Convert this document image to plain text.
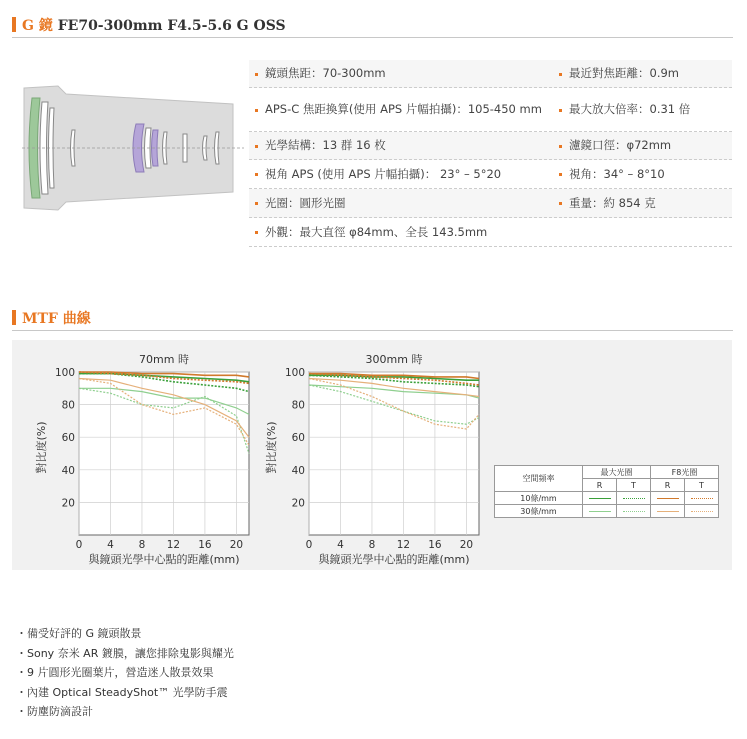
G 鏡 FE70-300mm F4.5-5.6 G OSS
鏡頭焦距：70-300mm	最近對焦距離：0.9m
APS-C 焦距換算(使用 APS 片幅拍攝)：105-450 mm	最大放大倍率：0.31 倍
光學結構：13 群 16 枚	濾鏡口徑：φ72mm
視角 APS (使用 APS 片幅拍攝)： 23° – 5°20	視角：34° – 8°10
光圈：圓形光圈	重量：約 854 克
外觀：最大直徑 φ84mm、全長 143.5mm
MTF 曲線
0 4 8 12 16 20
20
40
60
80
100
70mm 時
與鏡頭光學中心點的距離(mm)
對比度(%)
0 4 8 12 16 20
20
40
60
80
100
300mm 時
與鏡頭光學中心點的距離(mm)
對比度(%)
空間頻率	最大光圈		F8光圈	
	R	T	R	T
10條/mm				
30條/mm				
・ 備受好評的 G 鏡頭散景
・ Sony 奈米 AR 鍍膜，讓您排除鬼影與耀光
・ 9 片圓形光圈葉片，營造迷人散景效果
・ 內建 Optical SteadyShot™ 光學防手震
・ 防塵防滴設計
